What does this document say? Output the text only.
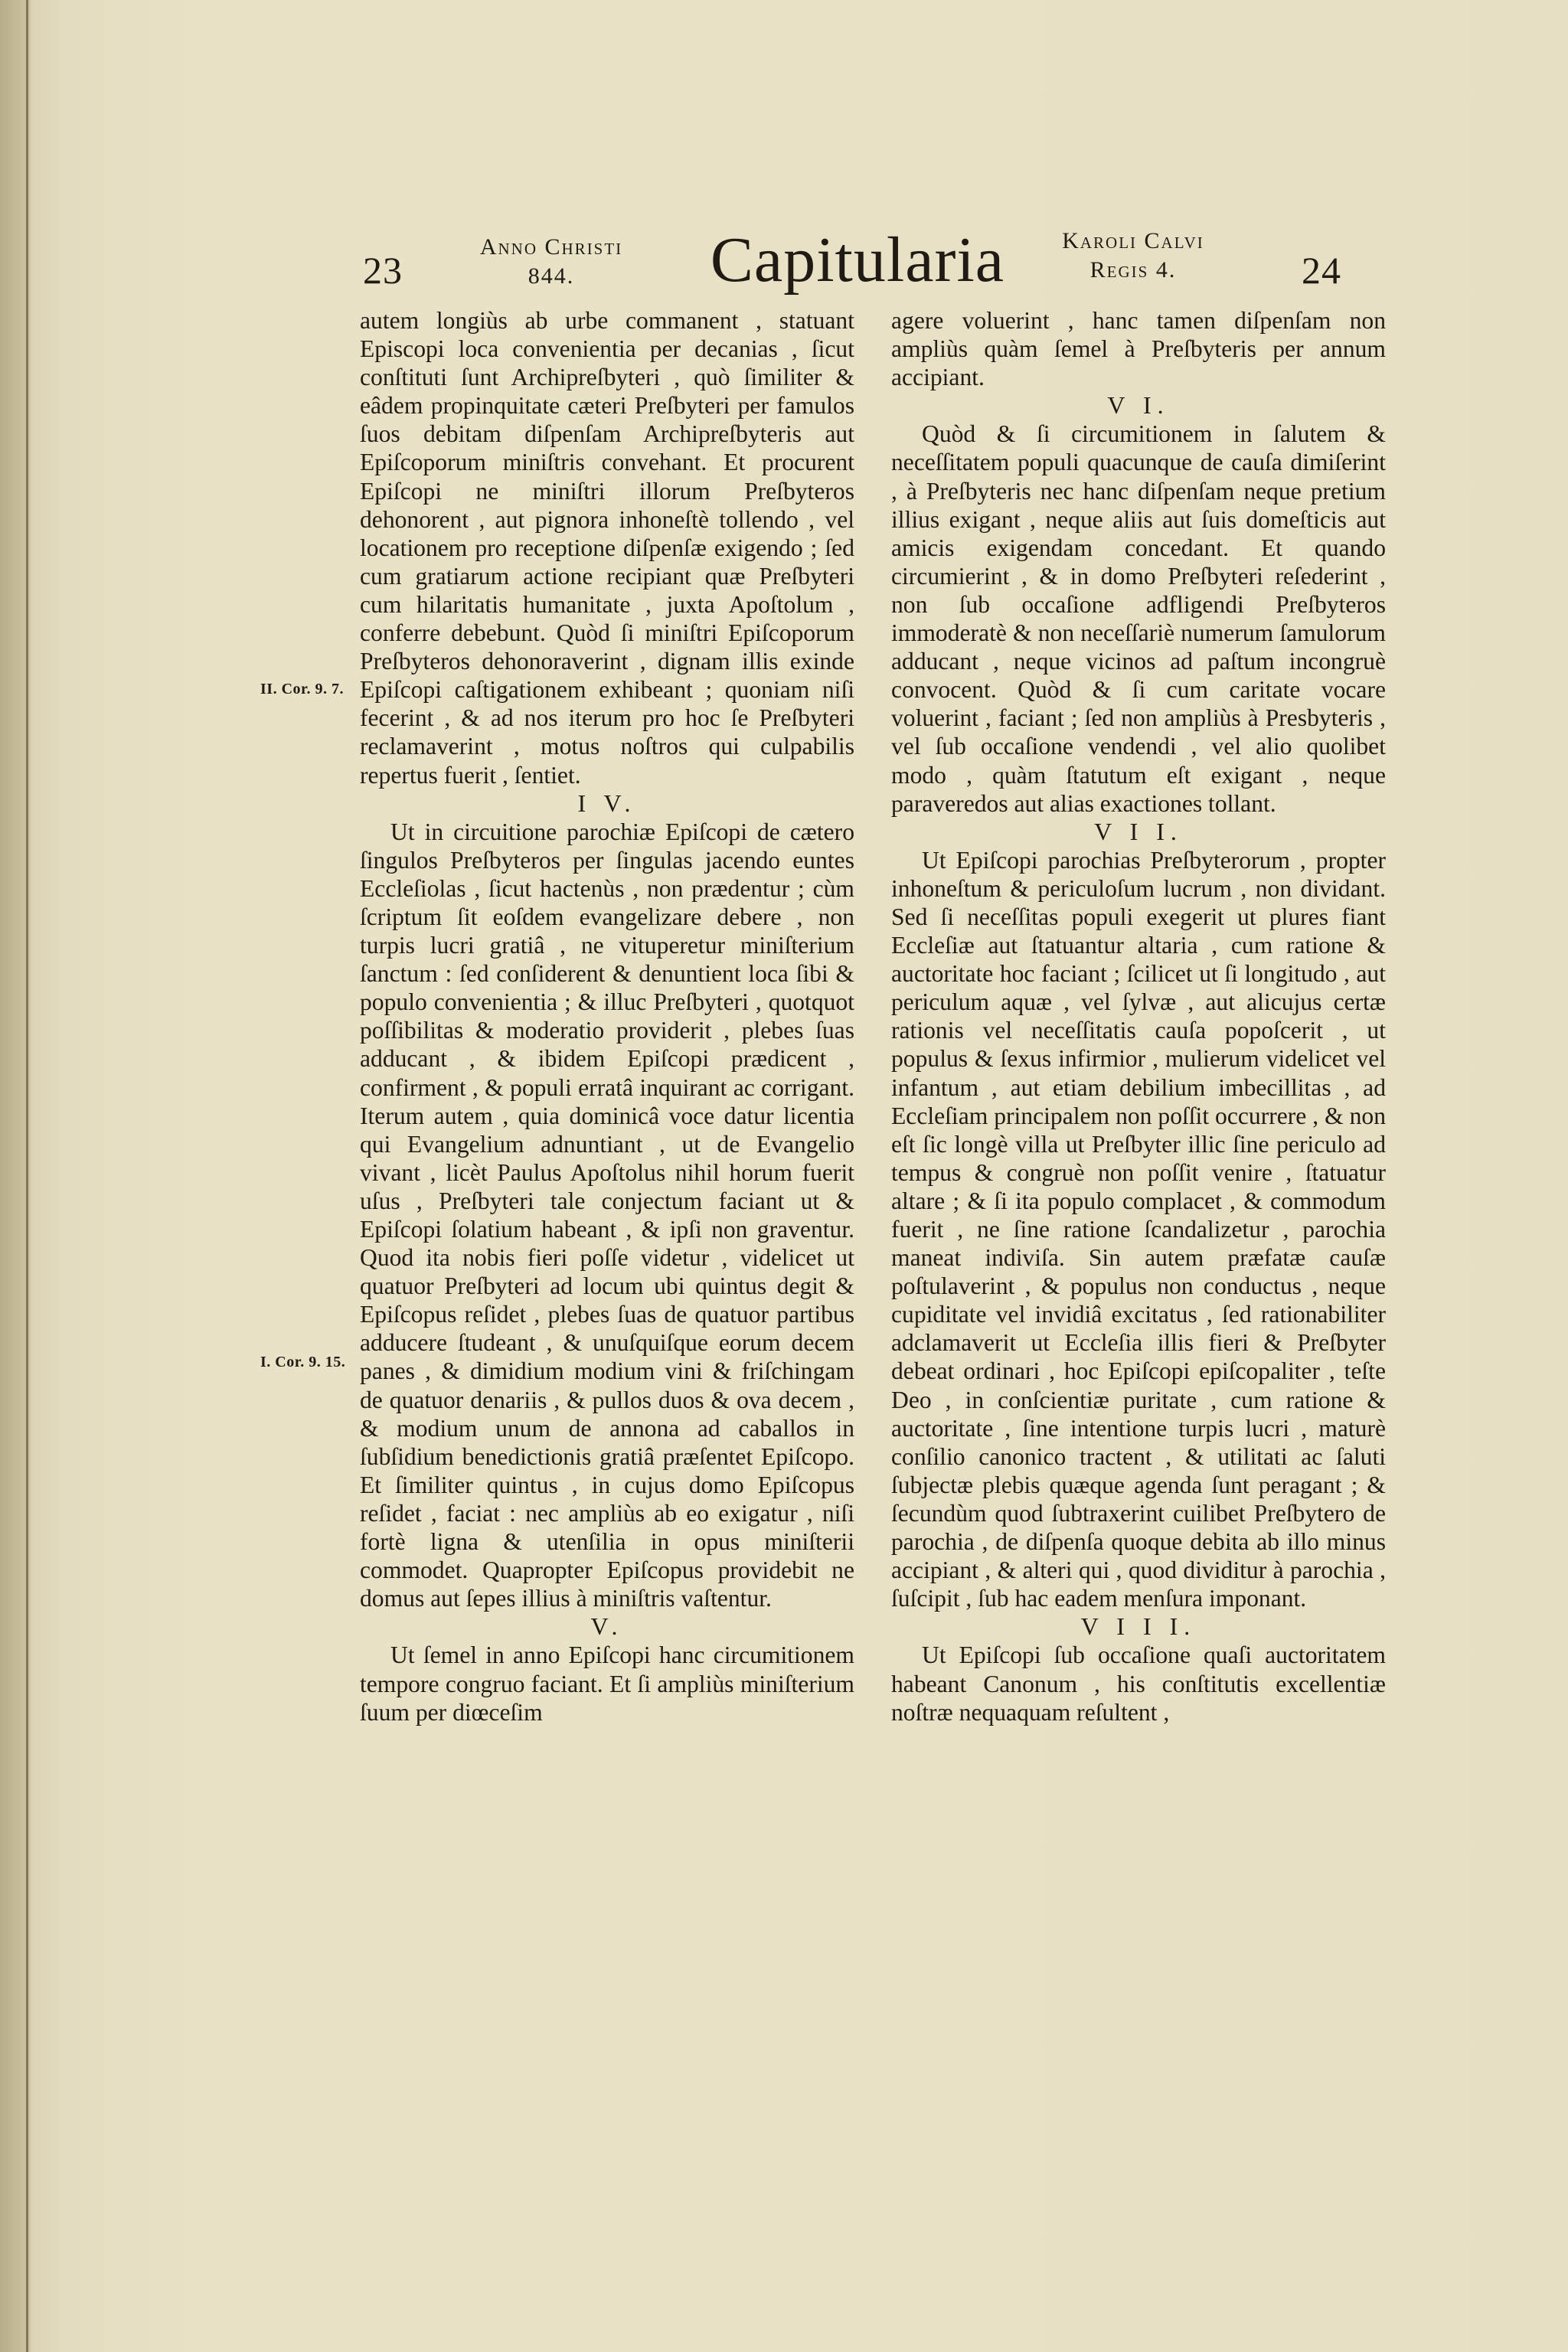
23
Anno Christi
844.	Capitularia	Karoli Calvi
Regis 4.	24
II. Cor. 9. 7.
I. Cor. 9. 15.

autem longiùs ab urbe commanent , statuant Episcopi loca convenientia per decanias , ſicut conſtituti ſunt Archipreſbyteri , quò ſimiliter & eâdem propinquitate cæteri Preſbyteri per famulos ſuos debitam diſpenſam Archipreſbyteris aut Epiſcoporum miniſtris convehant. Et procurent Epiſcopi ne miniſtri illorum Preſbyteros dehonorent , aut pignora inhoneſtè tollendo , vel locationem pro receptione diſpenſæ exigendo ; ſed cum gratiarum actione recipiant quæ Preſbyteri cum hilaritatis humanitate , juxta Apoſtolum , conferre debebunt. Quòd ſi miniſtri Epiſcoporum Preſbyteros dehonoraverint , dignam illis exinde Epiſcopi caſtigationem exhibeant ; quoniam niſi fecerint , & ad nos iterum pro hoc ſe Preſbyteri reclamaverint , motus noſtros qui culpabilis repertus fuerit , ſentiet.

I V.

Ut in circuitione parochiæ Epiſcopi de cætero ſingulos Preſbyteros per ſingulas jacendo euntes Eccleſiolas , ſicut hactenùs , non prædentur ; cùm ſcriptum ſit eoſdem evangelizare debere , non turpis lucri gratiâ , ne vituperetur miniſterium ſanctum : ſed conſiderent & denuntient loca ſibi & populo convenientia ; & illuc Preſbyteri , quotquot poſſibilitas & moderatio providerit , plebes ſuas adducant , & ibidem Epiſcopi prædicent , confirment , & populi erratâ inquirant ac corrigant. Iterum autem , quia dominicâ voce datur licentia qui Evangelium adnuntiant , ut de Evangelio vivant , licèt Paulus Apoſtolus nihil horum fuerit uſus , Preſbyteri tale conjectum faciant ut & Epiſcopi ſolatium habeant , & ipſi non graventur. Quod ita nobis fieri poſſe videtur , videlicet ut quatuor Preſbyteri ad locum ubi quintus degit & Epiſcopus reſidet , plebes ſuas de quatuor partibus adducere ſtudeant , & unuſquiſque eorum decem panes , & dimidium modium vini & friſchingam de quatuor denariis , & pullos duos & ova decem , & modium unum de annona ad caballos in ſubſidium benedictionis gratiâ præſentet Epiſcopo. Et ſimiliter quintus , in cujus domo Epiſcopus reſidet , faciat : nec ampliùs ab eo exigatur , niſi fortè ligna & utenſilia in opus miniſterii commodet. Quapropter Epiſcopus providebit ne domus aut ſepes illius à miniſtris vaſtentur.

V.

Ut ſemel in anno Epiſcopi hanc circumitionem tempore congruo faciant. Et ſi ampliùs miniſterium ſuum per diœceſim

agere voluerint , hanc tamen diſpenſam non ampliùs quàm ſemel à Preſbyteris per annum accipiant.

V I.

Quòd & ſi circumitionem in ſalutem & neceſſitatem populi quacunque de cauſa dimiſerint , à Preſbyteris nec hanc diſpenſam neque pretium illius exigant , neque aliis aut ſuis domeſticis aut amicis exigendam concedant. Et quando circumierint , & in domo Preſbyteri reſederint , non ſub occaſione adfligendi Preſbyteros immoderatè & non neceſſariè numerum ſamulorum adducant , neque vicinos ad paſtum incongruè convocent. Quòd & ſi cum caritate vocare voluerint , faciant ; ſed non ampliùs à Presbyteris , vel ſub occaſione vendendi , vel alio quolibet modo , quàm ſtatutum eſt exigant , neque paraveredos aut alias exactiones tollant.

V I I.

Ut Epiſcopi parochias Preſbyterorum , propter inhoneſtum & periculoſum lucrum , non dividant. Sed ſi neceſſitas populi exegerit ut plures fiant Eccleſiæ aut ſtatuantur altaria , cum ratione & auctoritate hoc faciant ; ſcilicet ut ſi longitudo , aut periculum aquæ , vel ſylvæ , aut alicujus certæ rationis vel neceſſitatis cauſa popoſcerit , ut populus & ſexus infirmior , mulierum videlicet vel infantum , aut etiam debilium imbecillitas , ad Eccleſiam principalem non poſſit occurrere , & non eſt ſic longè villa ut Preſbyter illic ſine periculo ad tempus & congruè non poſſit venire , ſtatuatur altare ; & ſi ita populo complacet , & commodum fuerit , ne ſine ratione ſcandalizetur , parochia maneat indiviſa. Sin autem præfatæ cauſæ poſtulaverint , & populus non conductus , neque cupiditate vel invidiâ excitatus , ſed rationabiliter adclamaverit ut Eccleſia illis fieri & Preſbyter debeat ordinari , hoc Epiſcopi epiſcopaliter , teſte Deo , in conſcientiæ puritate , cum ratione & auctoritate , ſine intentione turpis lucri , maturè conſilio canonico tractent , & utilitati ac ſaluti ſubjectæ plebis quæque agenda ſunt peragant ; & ſecundùm quod ſubtraxerint cuilibet Preſbytero de parochia , de diſpenſa quoque debita ab illo minus accipiant , & alteri qui , quod dividitur à parochia , ſuſcipit , ſub hac eadem menſura imponant.

V I I I.

Ut Epiſcopi ſub occaſione quaſi auctoritatem habeant Canonum , his conſtitutis excellentiæ noſtræ nequaquam reſultent ,
